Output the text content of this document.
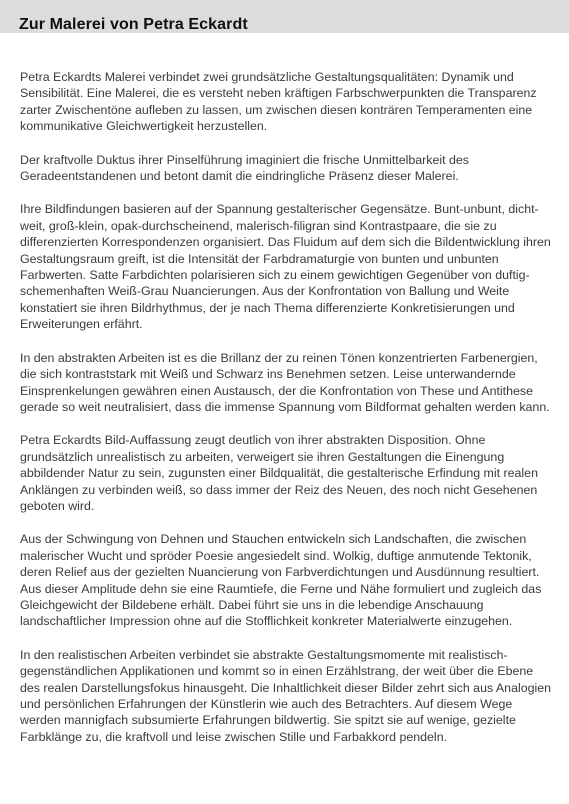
Zur Malerei von Petra Eckardt

Petra Eckardts Malerei verbindet zwei grundsätzliche Gestaltungsqualitäten: Dynamik und Sensibilität. Eine Malerei, die es versteht neben kräftigen Farbschwerpunkten die Transparenz zarter Zwischentöne aufleben zu lassen, um zwischen diesen konträren Temperamenten eine kommunikative Gleichwertigkeit herzustellen.

Der kraftvolle Duktus ihrer Pinselführung imaginiert die frische Unmittelbarkeit des Geradeentstandenen und betont damit die eindringliche Präsenz dieser Malerei.

Ihre Bildfindungen basieren auf der Spannung gestalterischer Gegensätze. Bunt-unbunt, dicht-weit, groß-klein, opak-durchscheinend, malerisch-filigran sind Kontrastpaare, die sie zu differenzierten Korrespondenzen organisiert. Das Fluidum auf dem sich die Bildentwicklung ihren Gestaltungsraum greift, ist die Intensität der Farbdramaturgie von bunten und unbunten Farbwerten. Satte Farbdichten polarisieren sich zu einem gewichtigen Gegenüber von duftig-schemenhaften Weiß-Grau Nuancierungen. Aus der Konfrontation von Ballung und Weite konstatiert sie ihren Bildrhythmus, der je nach Thema differenzierte Konkretisierungen und Erweiterungen erfährt.

In den abstrakten Arbeiten ist es die Brillanz der zu reinen Tönen konzentrierten Farbenergien, die sich kontraststark mit Weiß und Schwarz ins Benehmen setzen. Leise unterwandernde Einsprenkelungen gewähren einen Austausch, der die Konfrontation von These und Antithese gerade so weit neutralisiert, dass die immense Spannung vom Bildformat gehalten werden kann.

Petra Eckardts Bild-Auffassung zeugt deutlich von ihrer abstrakten Disposition. Ohne grundsätzlich unrealistisch zu arbeiten, verweigert sie ihren Gestaltungen die Einengung abbildender Natur zu sein, zugunsten einer Bildqualität, die gestalterische Erfindung mit realen Anklängen zu verbinden weiß, so dass immer der Reiz des Neuen, des noch nicht Gesehenen geboten wird.

Aus der Schwingung von Dehnen und Stauchen entwickeln sich Landschaften, die zwischen malerischer Wucht und spröder Poesie angesiedelt sind. Wolkig, duftige anmutende Tektonik, deren Relief aus der gezielten Nuancierung von Farbverdichtungen und Ausdünnung resultiert. Aus dieser Amplitude dehn sie eine Raumtiefe, die Ferne und Nähe formuliert und zugleich das Gleichgewicht der Bildebene erhält. Dabei führt sie uns in die lebendige Anschauung landschaftlicher Impression ohne auf die Stofflichkeit konkreter Materialwerte einzugehen.

In den realistischen Arbeiten verbindet sie abstrakte Gestaltungsmomente mit realistisch-gegenständlichen Applikationen und kommt so in einen Erzählstrang, der weit über die Ebene des realen Darstellungsfokus hinausgeht. Die Inhaltlichkeit dieser Bilder zehrt sich aus Analogien und persönlichen Erfahrungen der Künstlerin wie auch des Betrachters. Auf diesem Wege werden mannigfach subsumierte Erfahrungen bildwertig. Sie spitzt sie auf wenige, gezielte Farbklänge zu, die kraftvoll und leise zwischen Stille und Farbakkord pendeln.
